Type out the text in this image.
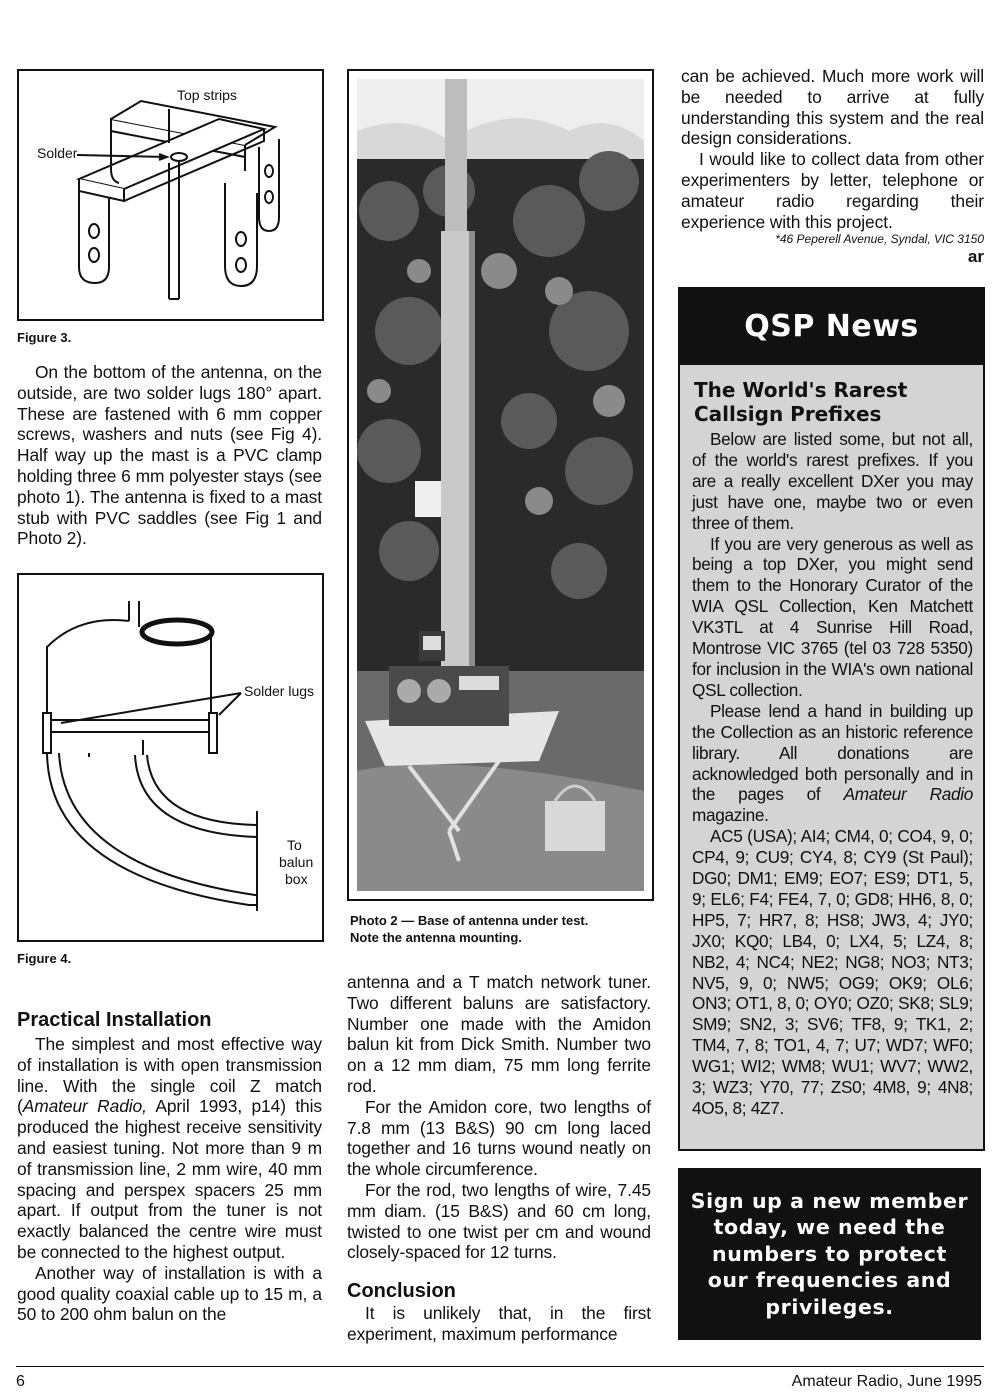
Top strips
Solder

Figure 3.

On the bottom of the antenna, on the outside, are two solder lugs 180° apart. These are fastened with 6 mm copper screws, washers and nuts (see Fig 4). Half way up the mast is a PVC clamp holding three 6 mm polyester stays (see photo 1). The antenna is fixed to a mast stub with PVC saddles (see Fig 1 and Photo 2).

Solder lugs
To
balun
box

Figure 4.

Practical Installation

The simplest and most effective way of installation is with open transmission line. With the single coil Z match (Amateur Radio, April 1993, p14) this produced the highest receive sensitivity and easiest tuning. Not more than 9 m of transmission line, 2 mm wire, 40 mm spacing and perspex spacers 25 mm apart. If output from the tuner is not exactly balanced the centre wire must be connected to the highest output.

Another way of installation is with a good quality coaxial cable up to 15 m, a 50 to 200 ohm balun on the

Photo 2 — Base of antenna under test.

Note the antenna mounting.

antenna and a T match network tuner. Two different baluns are satisfactory. Number one made with the Amidon balun kit from Dick Smith. Number two on a 12 mm diam, 75 mm long ferrite rod.

For the Amidon core, two lengths of 7.8 mm (13 B&S) 90 cm long laced together and 16 turns wound neatly on the whole circumference.

For the rod, two lengths of wire, 7.45 mm diam. (15 B&S) and 60 cm long, twisted to one twist per cm and wound closely-spaced for 12 turns.

Conclusion

It is unlikely that, in the first experiment, maximum performance

can be achieved. Much more work will be needed to arrive at fully understanding this system and the real design considerations.

I would like to collect data from other experimenters by letter, telephone or amateur radio regarding their experience with this project.

*46 Peperell Avenue, Syndal, VIC 3150

ar

QSP News

The World's Rarest

Callsign Prefixes

Below are listed some, but not all, of the world's rarest prefixes. If you are a really excellent DXer you may just have one, maybe two or even three of them.

If you are very generous as well as being a top DXer, you might send them to the Honorary Curator of the WIA QSL Collection, Ken Matchett VK3TL at 4 Sunrise Hill Road, Montrose VIC 3765 (tel 03 728 5350) for inclusion in the WIA's own national QSL collection.

Please lend a hand in building up the Collection as an historic reference library. All donations are acknowledged both personally and in the pages of Amateur Radio magazine.

AC5 (USA); AI4; CM4, 0; CO4, 9, 0; CP4, 9; CU9; CY4, 8; CY9 (St Paul); DG0; DM1; EM9; EO7; ES9; DT1, 5, 9; EL6; F4; FE4, 7, 0; GD8; HH6, 8, 0; HP5, 7; HR7, 8; HS8; JW3, 4; JY0; JX0; KQ0; LB4, 0; LX4, 5; LZ4, 8; NB2, 4; NC4; NE2; NG8; NO3; NT3; NV5, 9, 0; NW5; OG9; OK9; OL6; ON3; OT1, 8, 0; OY0; OZ0; SK8; SL9; SM9; SN2, 3; SV6; TF8, 9; TK1, 2; TM4, 7, 8; TO1, 4, 7; U7; WD7; WF0; WG1; WI2; WM8; WU1; WV7; WW2, 3; WZ3; Y70, 77; ZS0; 4M8, 9; 4N8; 4O5, 8; 4Z7.

Sign up a new member
today, we need the
numbers to protect
our frequencies and
privileges.
6	Amateur Radio, June 1995
